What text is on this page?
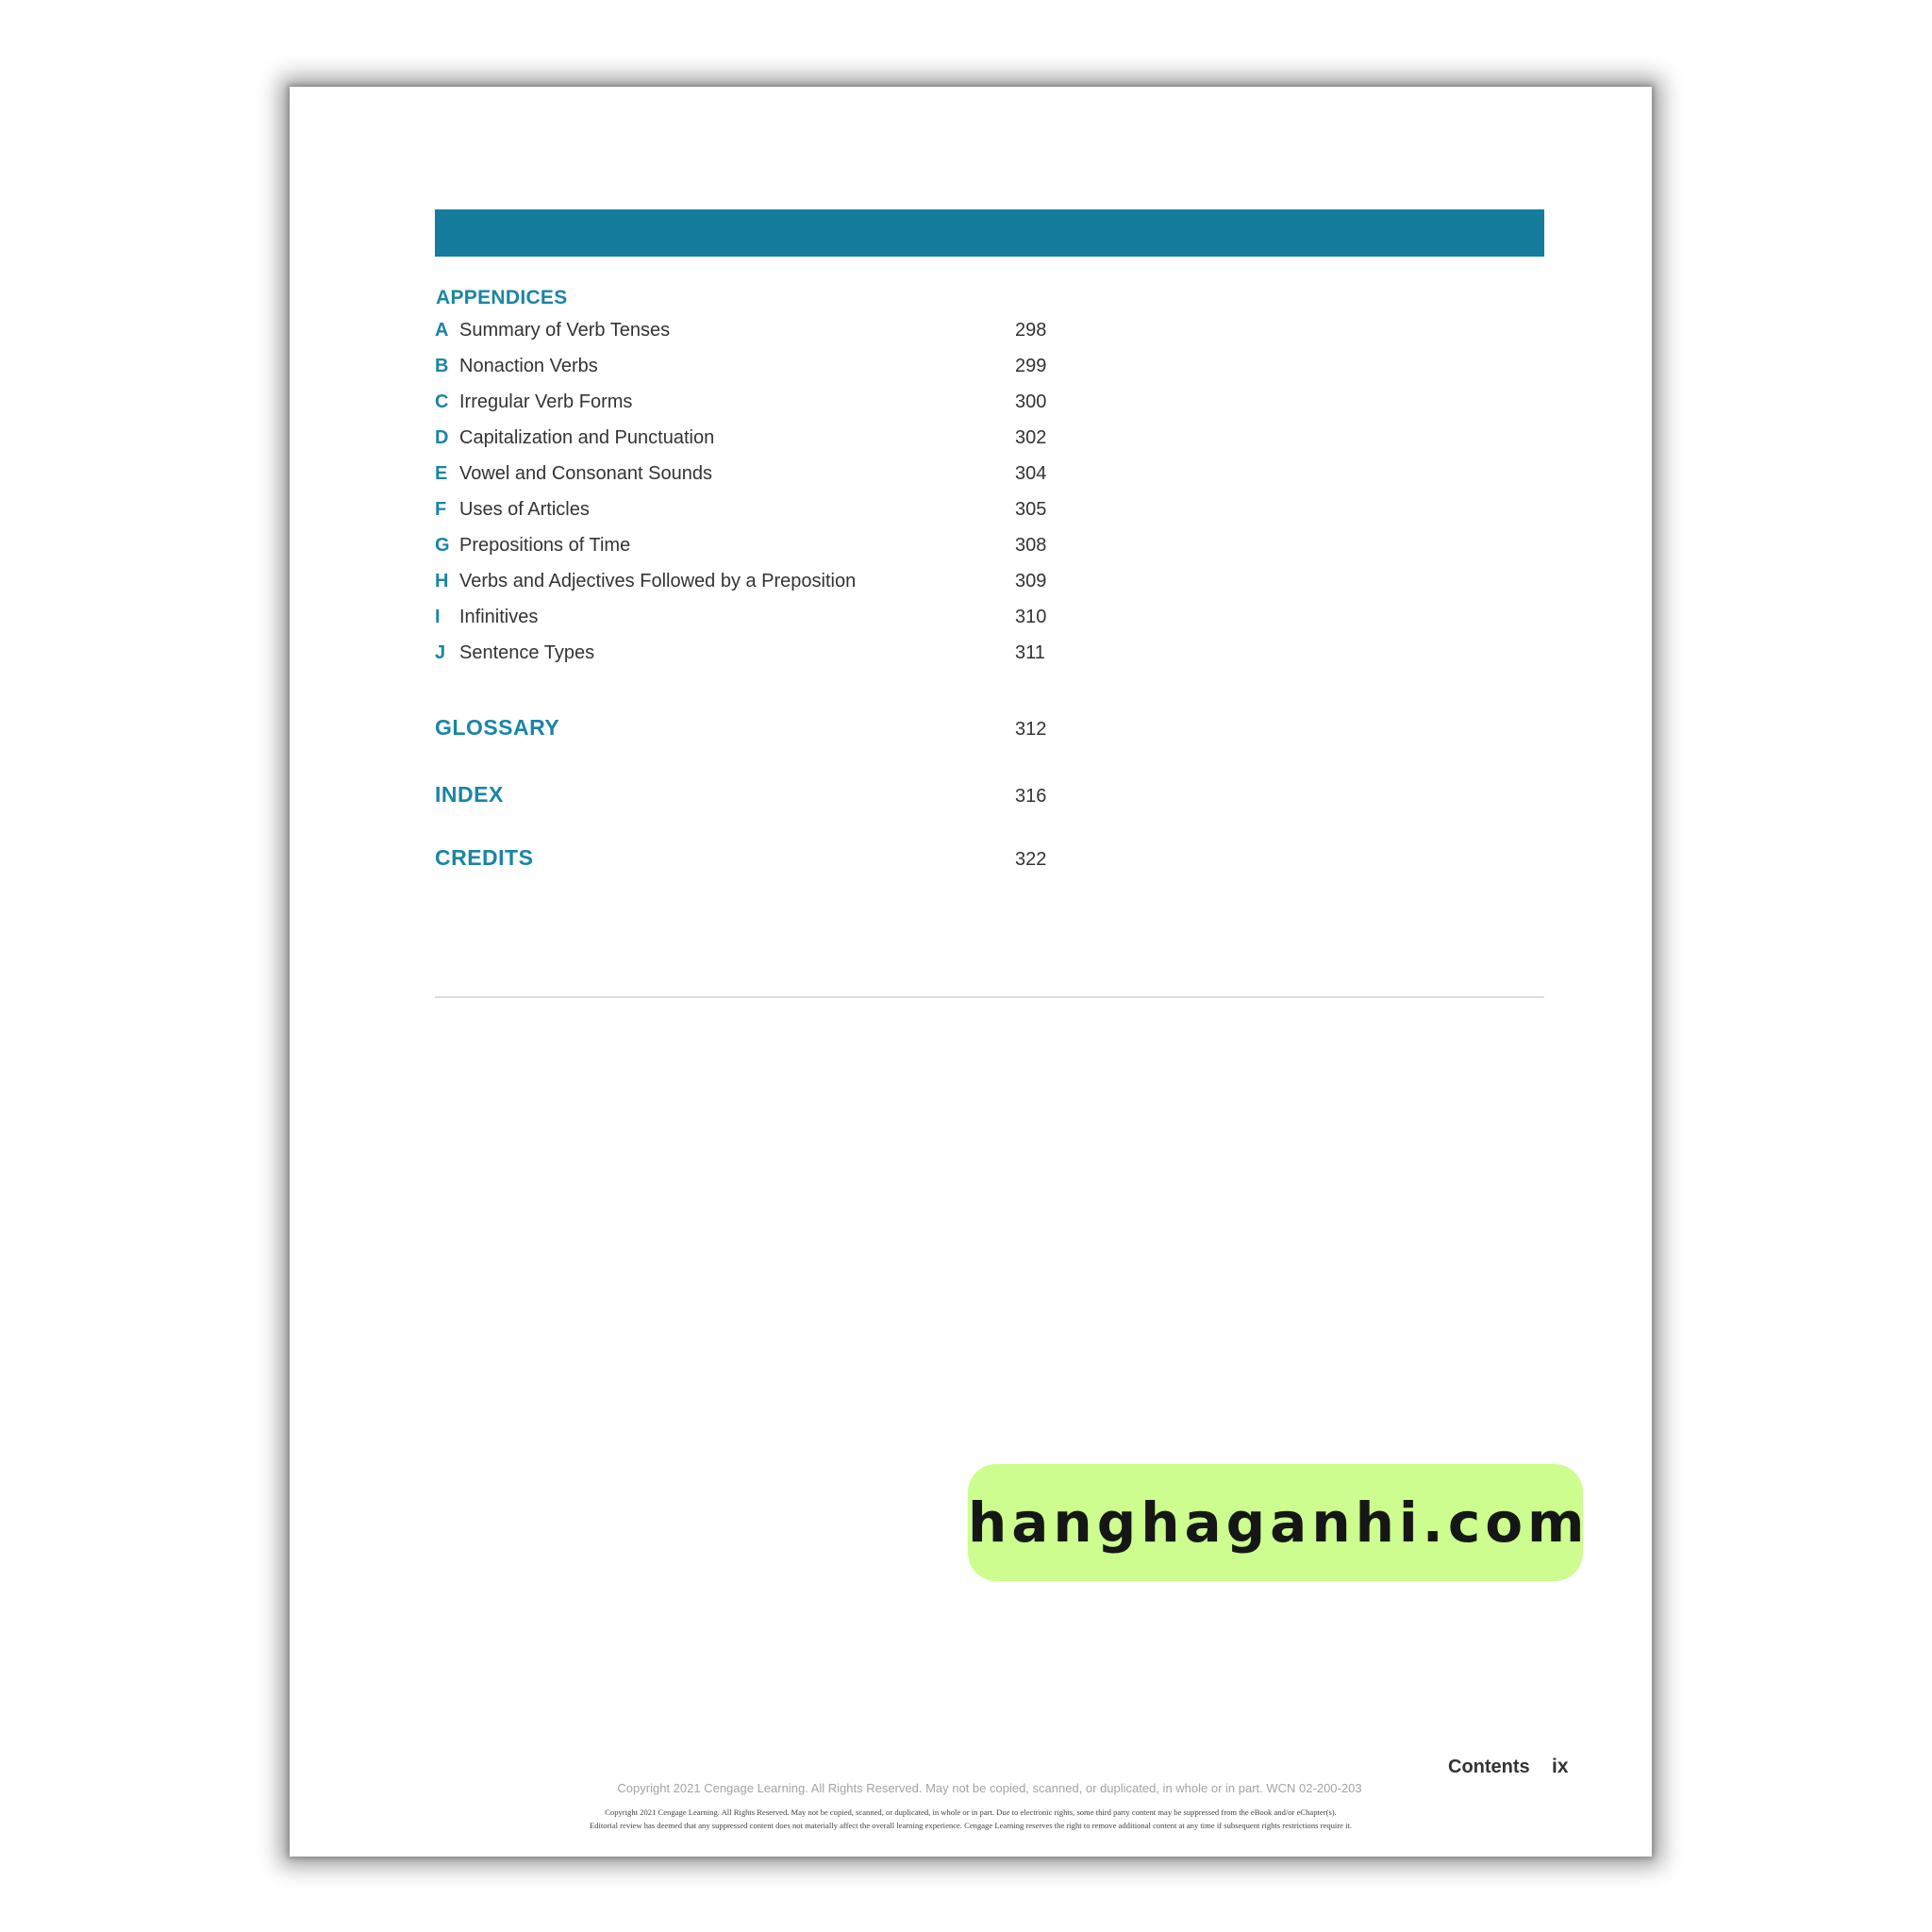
APPENDICES
A Summary of Verb Tenses	298
B Nonaction Verbs	299
C Irregular Verb Forms	300
D Capitalization and Punctuation	302
E Vowel and Consonant Sounds	304
F Uses of Articles	305
G Prepositions of Time	308
H Verbs and Adjectives Followed by a Preposition	309
I	Infinitives	310
J Sentence Types	311
GLOSSARY	312
INDEX	316
CREDITS	322
hanghaganhi.com
Contents ix
Copyright 2021 Cengage Learning. All Rights Reserved. May not be copied, scanned, or duplicated, in whole or in part. WCN 02-200-203
Copyright 2021 Cengage Learning. All Rights Reserved. May not be copied, scanned, or duplicated, in whole or in part. Due to electronic rights, some third party content may be suppressed from the eBook and/or eChapter(s).
Editorial review has deemed that any suppressed content does not materially affect the overall learning experience. Cengage Learning reserves the right to remove additional content at any time if subsequent rights restrictions require it.
